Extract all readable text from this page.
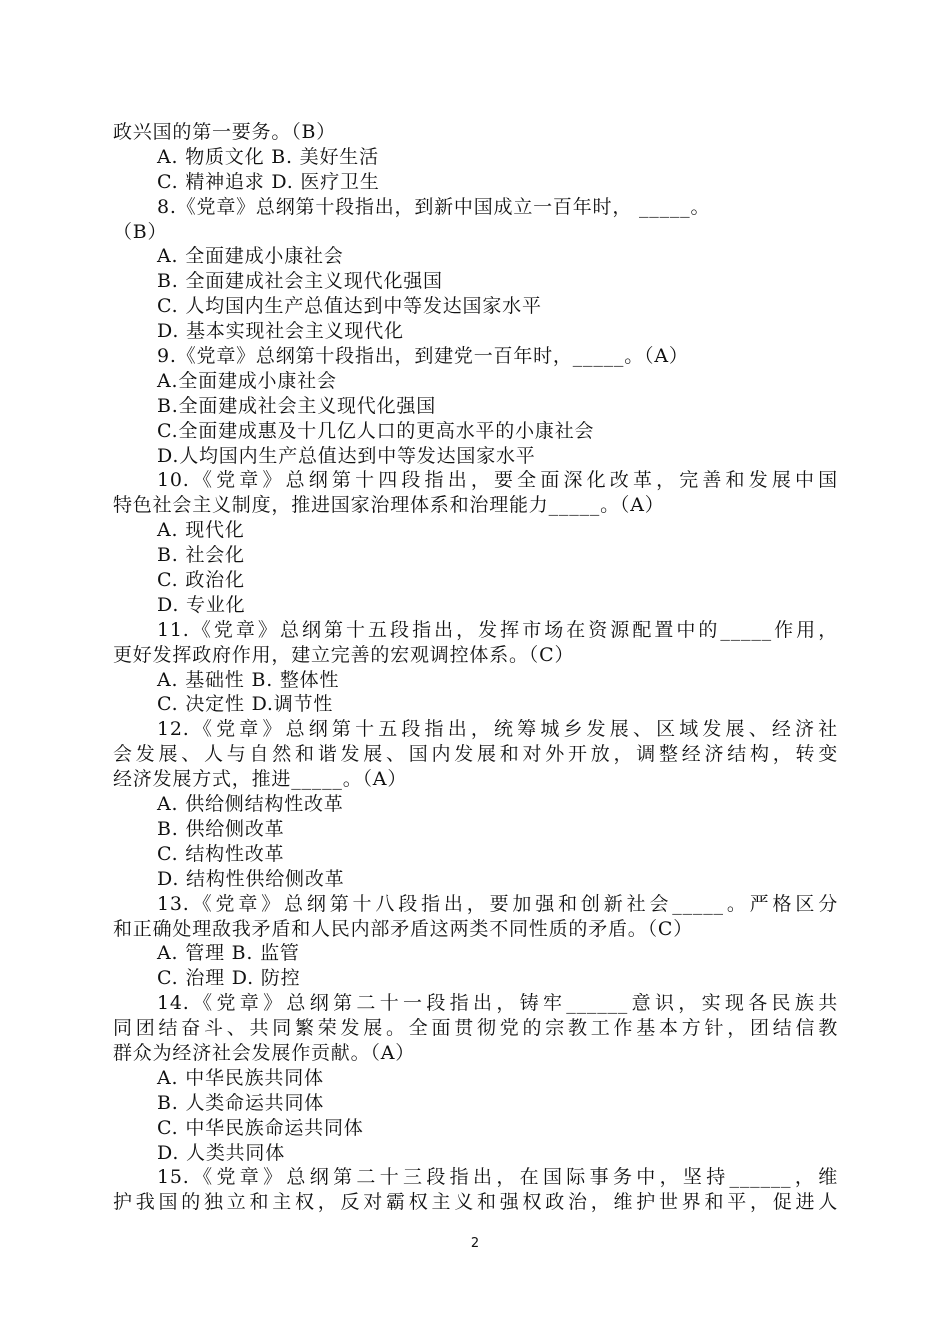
政兴国的第一要务。（B）
A. 物质文化 B. 美好生活
C. 精神追求 D. 医疗卫生
8.《党章》总纲第十段指出，到新中国成立一百年时， _____。
（B）
A. 全面建成小康社会
B. 全面建成社会主义现代化强国
C. 人均国内生产总值达到中等发达国家水平
D. 基本实现社会主义现代化
9.《党章》总纲第十段指出，到建党一百年时，_____。（A）
A.全面建成小康社会
B.全面建成社会主义现代化强国
C.全面建成惠及十几亿人口的更高水平的小康社会
D.人均国内生产总值达到中等发达国家水平
10.《党章》总纲第十四段指出，要全面深化改革，完善和发展中国
特色社会主义制度，推进国家治理体系和治理能力_____。（A）
A. 现代化
B. 社会化
C. 政治化
D. 专业化
11.《党章》总纲第十五段指出，发挥市场在资源配置中的_____作用，
更好发挥政府作用，建立完善的宏观调控体系。（C）
A. 基础性 B. 整体性
C. 决定性 D.调节性
12.《党章》总纲第十五段指出，统筹城乡发展、区域发展、经济社
会发展、人与自然和谐发展、国内发展和对外开放，调整经济结构，转变
经济发展方式，推进_____。（A）
A. 供给侧结构性改革
B. 供给侧改革
C. 结构性改革
D. 结构性供给侧改革
13.《党章》总纲第十八段指出，要加强和创新社会_____。严格区分
和正确处理敌我矛盾和人民内部矛盾这两类不同性质的矛盾。（C）
A. 管理 B. 监管
C. 治理 D. 防控
14.《党章》总纲第二十一段指出，铸牢______意识，实现各民族共
同团结奋斗、共同繁荣发展。全面贯彻党的宗教工作基本方针，团结信教
群众为经济社会发展作贡献。（A）
A. 中华民族共同体
B. 人类命运共同体
C. 中华民族命运共同体
D. 人类共同体
15.《党章》总纲第二十三段指出，在国际事务中，坚持______，维
护我国的独立和主权，反对霸权主义和强权政治，维护世界和平，促进人
2
